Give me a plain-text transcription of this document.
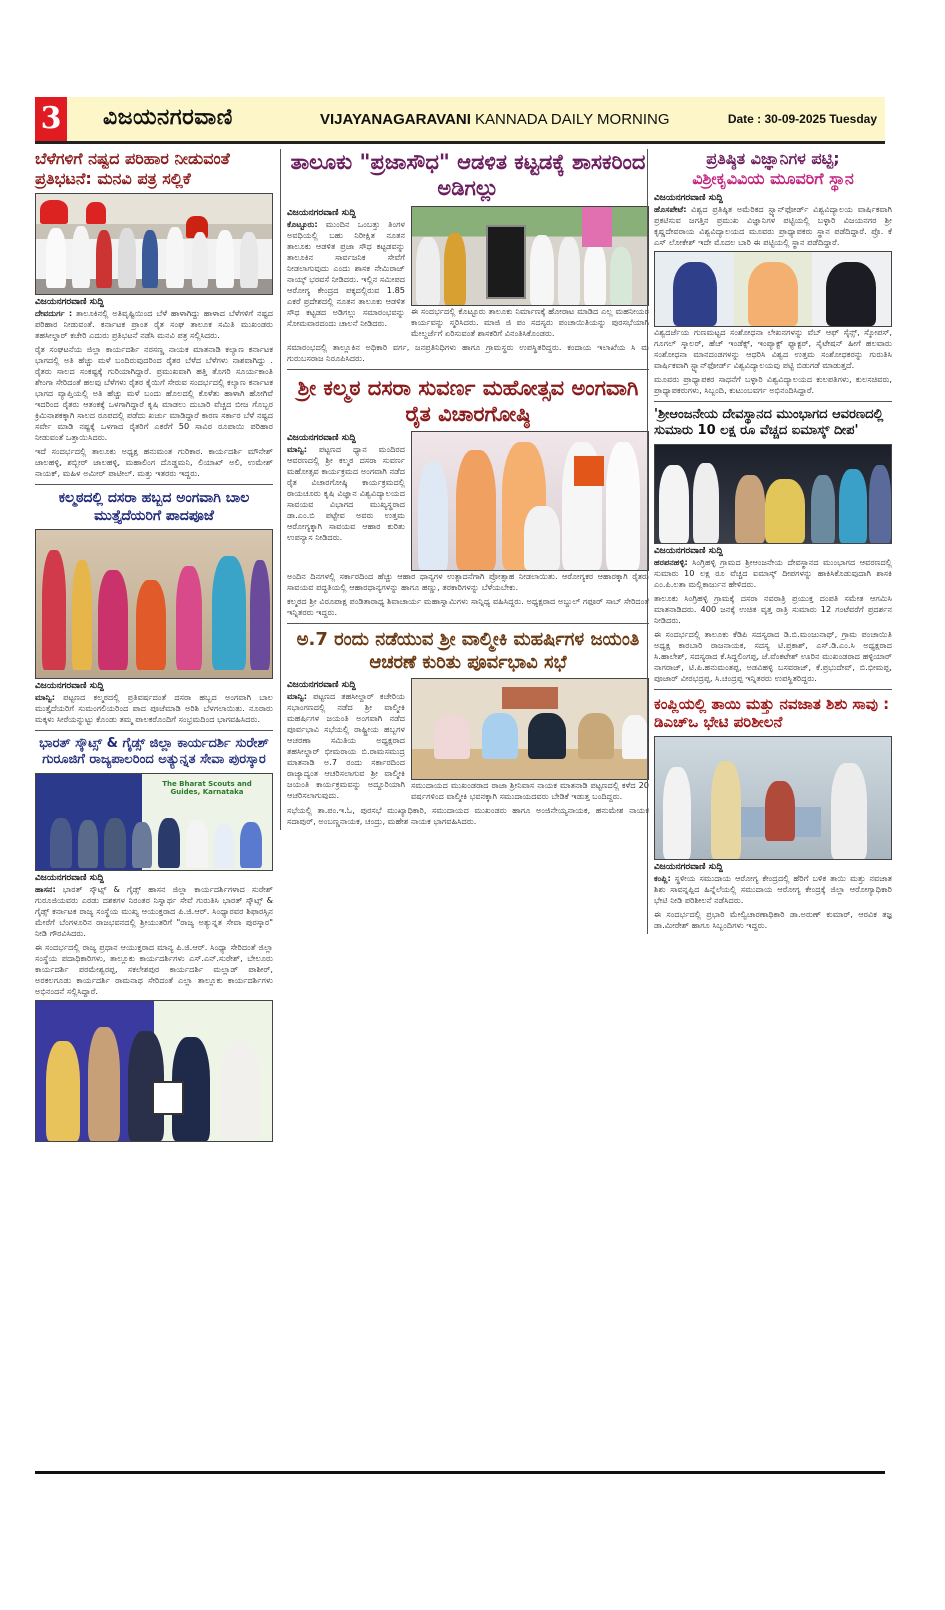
3 ವಿಜಯನಗರವಾಣಿ	VIJAYANAGARAVANI KANNADA DAILY MORNING	Date : 30-09-2025 Tuesday
ಬೆಳೆಗಳಿಗೆ ನಷ್ಟದ ಪರಿಹಾರ ನೀಡುವಂತೆ ಪ್ರತಿಭಟನೆ: ಮನವಿ ಪತ್ರ ಸಲ್ಲಿಕೆ
ವಿಜಯನಗರವಾಣಿ ಸುದ್ದಿ

ದೇವದುರ್ಗ : ತಾಲೂಕಿನಲ್ಲಿ ಅತಿವೃಷ್ಟಿಯಿಂದ ಬೆಳೆ ಹಾಳಾಗಿದ್ದು ಹಾಳಾದ ಬೆಳೆಗಳಿಗೆ ನಷ್ಟದ ಪರಿಹಾರ ನೀಡುವಂತೆ. ಕರ್ನಾಟಕ ಪ್ರಾಂತ ರೈತ ಸಂಘ ತಾಲೂಕ ಸಮಿತಿ ಮುಖಂಡರು ತಹಸೀಲ್ದಾರ್ ಕಚೇರಿ ಎದುರು ಪ್ರತಿಭಟನೆ ನಡೆಸಿ ಮನವಿ ಪತ್ರ ಸಲ್ಲಿಸಿದರು.

ರೈತ ಸಂಘಟನೆಯ ಜಿಲ್ಲಾ ಕಾರ್ಯದರ್ಶಿ ನರಸಣ್ಣ ನಾಯಕ ಮಾತನಾಡಿ ಕಲ್ಯಾಣ ಕರ್ನಾಟಕ ಭಾಗದಲ್ಲಿ ಅತಿ ಹೆಚ್ಚು ಮಳೆ ಬಂದಿರುವುದರಿಂದ ರೈತರ ಬೆಳೆದ ಬೆಳೆಗಳು ನಾಶವಾಗಿದ್ದು . ರೈತರು ಸಾಲದ ಸಂಕಷ್ಟಕ್ಕೆ ಗುರಿಯಾಗಿದ್ದಾರೆ. ಪ್ರಮುಖವಾಗಿ ಹತ್ತಿ ತೊಗರಿ ಸೂರ್ಯಕಾಂತಿ ಶೇಂಗಾ ಸೇರಿದಂತೆ ಹಲವು ಬೆಳೆಗಳು ರೈತರ ಕೈಯಿಗೆ ಸೇರುವ ಸಂದರ್ಭದಲ್ಲಿ ಕಲ್ಯಾಣ ಕರ್ನಾಟಕ ಭಾಗದ ವ್ಯಾಪ್ತಿಯಲ್ಲಿ ಅತಿ ಹೆಚ್ಚು ಮಳೆ ಬಂದು ಹೊಲದಲ್ಲಿ ಕೊಳೆತು ಹಾಳಾಗಿ ಹೋಗಿವೆ ಇದರಿಂದ ರೈತರು ಆತಂಕಕ್ಕೆ ಒಳಗಾಗಿದ್ದಾರೆ ಕೃಷಿ ಮಾಡಲು ದುಬಾರಿ ವೆಚ್ಚದ ಬೀಜ ಗೊಬ್ಬರ ಕ್ರಿಮಿನಾಶಕಕ್ಕಾಗಿ ಸಾಲದ ರೂಪದಲ್ಲಿ ಪಡೆದು ಖರ್ಚು ಮಾಡಿದ್ದಾರೆ ಕಾರಣ ಸರ್ಕಾರ ಬೆಳೆ ನಷ್ಟದ ಸರ್ವೇ ಮಾಡಿ ನಷ್ಟಕ್ಕೆ ಒಳಗಾದ ರೈತರಿಗೆ ಎಕರೆಗೆ 50 ಸಾವಿರ ರೂಪಾಯಿ ಪರಿಹಾರ ನೀಡುವಂತೆ ಒತ್ತಾಯಿಸಿದರು.

ಇದೆ ಸಂದರ್ಭದಲ್ಲಿ ತಾಲೂಕು ಅಧ್ಯಕ್ಷ ಹನುಮಂತ ಗುರಿಕಾರ. ಕಾರ್ಯದರ್ಶಿ ಮೌನೇಶ್ ಜಾಲಹಳ್ಳಿ, ಶಬ್ಬೀರ್ ಜಾಲಹಳ್ಳಿ, ಮಹಾಲಿಂಗ ದೊಡ್ಡಮನಿ, ಲಿಯಾಖ್ ಅಲಿ, ಉಮೇಶ್ ನಾಯಕ್, ಮಹಿಳ ಅಮೀರ್ ಪಾಟೀಲ್. ಮತ್ತು ಇತರರು ಇದ್ದರು.

ಕಲ್ಮಠದಲ್ಲಿ ದಸರಾ ಹಬ್ಬದ ಅಂಗವಾಗಿ ಬಾಲ ಮುತ್ತೈದೆಯರಿಗೆ ಪಾದಪೂಜೆ
ವಿಜಯನಗರವಾಣಿ ಸುದ್ದಿ

ಮಾನ್ವಿ: ಪಟ್ಟಣದ ಕಲ್ಮಠದಲ್ಲಿ ಪ್ರತಿವರ್ಷದಂತೆ ದಸರಾ ಹಬ್ಬದ ಅಂಗವಾಗಿ ಬಾಲ ಮುತ್ತೈದೆಯರಿಗೆ ಸುಮಂಗಲಿಯರಿಂದ ಪಾದ ಪೂಜೆಮಾಡಿ ಅರಿಶಿ ಬೆಳಗಲಾಯಿತು. ನೂರಾರು ಮಕ್ಕಳು ಸೀರೆಯನ್ನುಟ್ಟು ಕೊಂಡು ತಮ್ಮ ಪಾಲಕರೊಂದಿಗೆ ಸಂಭ್ರಮದಿಂದ ಭಾಗವಹಿಸಿದರು.

ಭಾರತ್ ಸ್ಕೌಟ್ಸ್ & ಗೈಡ್ಸ್ ಜಿಲ್ಲಾ ಕಾರ್ಯದರ್ಶಿ ಸುರೇಶ್ ಗುರೂಜಿಗೆ ರಾಜ್ಯಪಾಲರಿಂದ ಅತ್ಯುನ್ನತ ಸೇವಾ ಪುರಸ್ಕಾರ
The Bharat Scouts and Guides, Karnataka
ವಿಜಯನಗರವಾಣಿ ಸುದ್ದಿ

ಹಾಸನ: ಭಾರತ್ ಸ್ಕೌಟ್ಸ್ & ಗೈಡ್ಸ್ ಹಾಸನ ಜಿಲ್ಲಾ ಕಾರ್ಯದರ್ಶಿಗಳಾದ ಸುರೇಶ್ ಗುರೂಜಿಯವರು ಎರಡು ದಶಕಗಳ ನಿರಂತರ ನಿಸ್ವಾರ್ಥ ಸೇವೆ ಗುರುತಿಸಿ ಭಾರತ್ ಸ್ಕೌಟ್ಸ್ & ಗೈಡ್ಸ್ ಕರ್ನಾಟಕ ರಾಜ್ಯ ಸಂಸ್ಥೆಯ ಮುಖ್ಯ ಆಯುಕ್ತರಾದ ಪಿ.ಜಿ.ಆರ್. ಸಿಂಧ್ಯಾರವರ ಶಿಫಾರಸ್ಸಿನ ಮೇರೆಗೆ ಬೆಂಗಳೂರಿನ ರಾಜಭವನದಲ್ಲಿ ಶ್ರೀಯುತರಿಗೆ "ರಾಜ್ಯ ಅತ್ಯುನ್ನತ ಸೇವಾ ಪುರಸ್ಕಾರ" ನೀಡಿ ಗೌರವಿಸಿದರು.

ಈ ಸಂದರ್ಭದಲ್ಲಿ ರಾಜ್ಯ ಪ್ರಧಾನ ಆಯುಕ್ತರಾದ ಮಾನ್ಯ ಪಿ.ಜಿ.ಆರ್. ಸಿಂಧ್ಯಾ ಸೇರಿದಂತೆ ಜಿಲ್ಲಾ ಸಂಸ್ಥೆಯ ಪದಾಧಿಕಾರಿಗಳು, ತಾಲ್ಲೂಕು ಕಾರ್ಯದರ್ಶಿಗಳು ಎಸ್.ಎನ್.ಸುರೇಶ್, ಬೇಲೂರು ಕಾರ್ಯದರ್ಶಿ ಪರಮೇಶ್ವರಪ್ಪ, ಸಕಲೇಶಪುರ ಕಾರ್ಯದರ್ಶಿ ಮಲ್ಲಾಡ್ ಪಾಶೀರ್, ಅರಕಲಗೂಡು ಕಾರ್ಯದರ್ಶಿ ರಾಮನಾಥ ಸೇರಿದಂತೆ ಎಲ್ಲಾ ತಾಲ್ಲೂಕು ಕಾರ್ಯದರ್ಶಿಗಳು ಅಭಿನಂದನೆ ಸಲ್ಲಿಸಿದ್ದಾರೆ.

ತಾಲೂಕು "ಪ್ರಜಾಸೌಧ" ಆಡಳಿತ ಕಟ್ಟಡಕ್ಕೆ ಶಾಸಕರಿಂದ ಅಡಿಗಲ್ಲು
ವಿಜಯನಗರವಾಣಿ ಸುದ್ದಿ

ಕೊಟ್ಟೂರು: ಮುಂದಿನ ಒಂಬತ್ತು ತಿಂಗಳ ಅವಧಿಯಲ್ಲಿ ಬಹು ನಿರೀಕ್ಷಿತ ನೂತನ ತಾಲೂಕು ಆಡಳಿತ ಪ್ರಜಾ ಸೌಧ ಕಟ್ಟಡವನ್ನು ತಾಲೂಕಿನ ಸಾರ್ವಜನಿಕ ಸೇವೆಗೆ ನೀಡಲಾಗುವುದು ಎಂದು ಶಾಸಕ ನೇಮಿರಾಜ್ ನಾಯ್ಕ್ ಭರವಸೆ ನೀಡಿದರು. ಇಲ್ಲಿನ ಸಮೀಪದ ಆರೋಗ್ಯ ಕೇಂದ್ರದ ಪಕ್ಕದಲ್ಲಿರುವ 1.85 ಎಕರೆ ಪ್ರದೇಶದಲ್ಲಿ ನೂತನ ತಾಲೂಕು ಆಡಳಿತ ಸೌಧ ಕಟ್ಟಡದ ಅಡಿಗಲ್ಲು ಸಮಾರಂಭವನ್ನು ಸೋಮವಾರದಂದು ಚಾಲನೆ ನೀಡಿದರು.

ಈ ಸಂದರ್ಭದಲ್ಲಿ ಕೊಟ್ಟೂರು ತಾಲೂಕು ನಿರ್ಮಾಣಕ್ಕೆ ಹೋರಾಟ ಮಾಡಿದ ಎಲ್ಲ ಮಹನೀಯರ ಕಾರ್ಯವನ್ನು ಸ್ಮರಿಸಿದರು. ಮಾಜಿ ಜಿ ಪಂ ಸದಸ್ಯರು ಪಂಚಾಯಿತಿಯನ್ನು ಪುರಸಭೆಯಾಗಿ ಮೇಲ್ದರ್ಜೆಗೆ ಏರಿಸುವಂತೆ ಶಾಸಕರಿಗೆ ವಿನಂತಿಸಿಕೊಂಡರು.

ಸಮಾರಂಭದಲ್ಲಿ ತಾಲ್ಲೂಕಿನ ಅಧಿಕಾರಿ ವರ್ಗ, ಜನಪ್ರತಿನಿಧಿಗಳು ಹಾಗೂ ಗ್ರಾಮಸ್ಥರು ಉಪಸ್ಥಿತರಿದ್ದರು. ಕಂದಾಯ ಇಲಾಖೆಯ ಸಿ ಮ ಗುರುಬಸರಾಜ ನಿರೂಪಿಸಿದರು.

ಶ್ರೀ ಕಲ್ಮಠ ದಸರಾ ಸುವರ್ಣ ಮಹೋತ್ಸವ ಅಂಗವಾಗಿ ರೈತ ವಿಚಾರಗೋಷ್ಠಿ
ವಿಜಯನಗರವಾಣಿ ಸುದ್ದಿ

ಮಾನ್ವಿ: ಪಟ್ಟಣದ ಧ್ಯಾನ ಮಂದಿರದ ಆವರಣದಲ್ಲಿ ಶ್ರೀ ಕಲ್ಮಠ ದಸರಾ ಸುವರ್ಣ ಮಹೋತ್ಸವ ಕಾರ್ಯಕ್ರಮದ ಅಂಗವಾಗಿ ನಡೆದ ರೈತ ವಿಚಾರಗೋಷ್ಠಿ ಕಾರ್ಯಕ್ರಮದಲ್ಲಿ ರಾಯಚೂರು ಕೃಷಿ ವಿಜ್ಞಾನ ವಿಶ್ವವಿದ್ಯಾಲಯದ ಸಾವಯವ ವಿಭಾಗದ ಮುಖ್ಯಸ್ಥರಾದ ಡಾ.ಎಂ.ಬಿ ಪಟ್ಟೇವ ಅವರು ಉತ್ತಮ ಆರೋಗ್ಯಕ್ಕಾಗಿ ಸಾವಯವ ಆಹಾರ ಕುರಿತು ಉಪನ್ಯಾಸ ನೀಡಿದರು.

ಅಂದಿನ ದಿನಗಳಲ್ಲಿ ಸರ್ಕಾರದಿಂದ ಹೆಚ್ಚು ಆಹಾರ ಧಾನ್ಯಗಳ ಉತ್ಪಾದನೆಗಾಗಿ ಪ್ರೋತ್ಸಾಹ ನೀಡಲಾಯಿತು. ಆರೋಗ್ಯಕರ ಆಹಾರಕ್ಕಾಗಿ ರೈತರು ಸಾವಯವ ಪದ್ಧತಿಯಲ್ಲಿ ಆಹಾರಧಾನ್ಯಗಳನ್ನು ಹಾಗೂ ಹಣ್ಣು, ತರಕಾರಿಗಳನ್ನು ಬೆಳೆಯಬೇಕು.

ಕಲ್ಮಠದ ಶ್ರೀ ವಿರೂಪಾಕ್ಷ ಪಂಡಿತಾರಾಧ್ಯ ಶಿವಾಚಾರ್ಯ ಮಹಾಸ್ವಾಮಿಗಳು ಸಾನ್ನಿಧ್ಯ ವಹಿಸಿದ್ದರು. ಅಧ್ಯಕ್ಷರಾದ ಅಬ್ದುಲ್ ಗಫೂರ್ ಸಾಬ್ ಸೇರಿದಂತೆ ಇನ್ನಿತರರು ಇದ್ದರು.

ಅ.7 ರಂದು ನಡೆಯುವ ಶ್ರೀ ವಾಲ್ಮೀಕಿ ಮಹರ್ಷಿಗಳ ಜಯಂತಿ ಆಚರಣೆ ಕುರಿತು ಪೂರ್ವಭಾವಿ ಸಭೆ
ವಿಜಯನಗರವಾಣಿ ಸುದ್ದಿ

ಮಾನ್ವಿ: ಪಟ್ಟಣದ ತಹಸೀಲ್ದಾರ್ ಕಚೇರಿಯ ಸಭಾಂಗಣದಲ್ಲಿ ನಡೆದ ಶ್ರೀ ವಾಲ್ಮೀಕಿ ಮಹರ್ಷಿಗಳ ಜಯಂತಿ ಅಂಗವಾಗಿ ನಡೆದ ಪೂರ್ವಭಾವಿ ಸಭೆಯಲ್ಲಿ ರಾಷ್ಟ್ರೀಯ ಹಬ್ಬಗಳ ಆಚರಣಾ ಸಮಿತಿಯ ಅಧ್ಯಕ್ಷರಾದ ತಹಸೀಲ್ದಾರ್ ಭೀಮರಾಯ ಬಿ.ರಾಮಸಮುದ್ರ ಮಾತನಾಡಿ ಅ.7 ರಂದು ಸರ್ಕಾರದಿಂದ ರಾಜ್ಯಾದ್ಯಂತ ಆಚರಿಸಲಾಗುವ ಶ್ರೀ ವಾಲ್ಮೀಕಿ ಜಯಂತಿ ಕಾರ್ಯಕ್ರಮವನ್ನು ಅದ್ದೂರಿಯಾಗಿ ಆಚರಿಸಲಾಗುವುದು.

ಸಮುದಾಯದ ಮುಖಂಡರಾದ ರಾಜಾ ಶ್ರೀನಿವಾಸ ನಾಯಕ ಮಾತನಾಡಿ ಪಟ್ಟಣದಲ್ಲಿ ಕಳೆದ 20 ವರ್ಷಗಳಿಂದ ವಾಲ್ಮೀಕಿ ಭವನಕ್ಕಾಗಿ ಸಮುದಾಯದವರು ಬೇಡಿಕೆ ಇಡುತ್ತ ಬಂದಿದ್ದರು.

ಸಭೆಯಲ್ಲಿ ತಾ.ಪಂ.ಇ.ಓ, ಪುರಸಭೆ ಮುಖ್ಯಾಧಿಕಾರಿ, ಸಮುದಾಯದ ಮುಖಂಡರು ಹಾಗೂ ಅಂಜಿನೇಯ್ಯನಾಯಕ, ಹನುಮೇಶ ನಾಯಕ ಸದಾಪುರ್, ಅಂಬಣ್ಣನಾಯಕ, ಚಂದ್ರು, ಮಹೇಶ ನಾಯಕ ಭಾಗವಹಿಸಿದರು.

ಪ್ರತಿಷ್ಠಿತ ವಿಜ್ಞಾನಿಗಳ ಪಟ್ಟಿ;
ವಿಶ್ರೀಕೃವಿವಿಯ ಮೂವರಿಗೆ ಸ್ಥಾನ
ವಿಜಯನಗರವಾಣಿ ಸುದ್ದಿ

ಹೊಸಪೇಟೆ: ವಿಶ್ವದ ಪ್ರತಿಷ್ಠಿತ ಅಮೆರಿಕದ ಸ್ಟ್ಯಾನ್‌ಫೋರ್ಡ್ ವಿಶ್ವವಿದ್ಯಾಲಯ ವಾರ್ಷಿಕವಾಗಿ ಪ್ರಕಟಿಸುವ ಜಗತ್ತಿನ ಪ್ರಮುಖ ವಿಜ್ಞಾನಿಗಳ ಪಟ್ಟಿಯಲ್ಲಿ ಬಳ್ಳಾರಿ ವಿಜಯನಗರ ಶ್ರೀ ಕೃಷ್ಣದೇವರಾಯ ವಿಶ್ವವಿದ್ಯಾಲಯದ ಮೂವರು ಪ್ರಾಧ್ಯಾಪಕರು ಸ್ಥಾನ ಪಡೆದಿದ್ದಾರೆ. ಪ್ರೊ. ಕೆ ಎಸ್ ಲೋಕೇಶ್ ಇದೇ ಮೊದಲ ಬಾರಿ ಈ ಪಟ್ಟಿಯಲ್ಲಿ ಸ್ಥಾನ ಪಡೆದಿದ್ದಾರೆ.

ವಿಶ್ವದರ್ಜೆಯ ಗುಣಮಟ್ಟದ ಸಂಶೋಧನಾ ಲೇಖನಗಳನ್ನು ವೆಬ್ ಆಫ್ ಸೈನ್ಸ್, ಸ್ಕೋಪಸ್, ಗೂಗಲ್ ಸ್ಕಾಲರ್, ಹೆಚ್ ಇಂಡೆಕ್ಸ್, ಇಂಪ್ಯಾಕ್ಟ್ ಫ್ಯಾಕ್ಟರ್, ಸೈಟೇಷನ್ ಹೀಗೆ ಹಲವಾರು ಸಂಶೋಧನಾ ಮಾನದಂಡಗಳನ್ನು ಆಧರಿಸಿ ವಿಶ್ವದ ಉತ್ತಮ ಸಂಶೋಧಕರನ್ನು ಗುರುತಿಸಿ ವಾರ್ಷಿಕವಾಗಿ ಸ್ಟ್ಯಾನ್‌ಫೋರ್ಡ್ ವಿಶ್ವವಿದ್ಯಾಲಯವು ಪಟ್ಟಿ ಬಿಡುಗಡೆ ಮಾಡುತ್ತದೆ.

ಮೂವರು ಪ್ರಾಧ್ಯಾಪಕರ ಸಾಧನೆಗೆ ಬಳ್ಳಾರಿ ವಿಶ್ವವಿದ್ಯಾಲಯದ ಕುಲಪತಿಗಳು, ಕುಲಸಚಿವರು, ಪ್ರಾಧ್ಯಾಪಕರುಗಳು, ಸಿಬ್ಬಂದಿ, ಕುಟುಂಬವರ್ಗ ಅಭಿನಂದಿಸಿದ್ದಾರೆ.

'ಶ್ರೀಆಂಜನೇಯ ದೇವಸ್ಥಾನದ ಮುಂಭಾಗದ ಆವರಣದಲ್ಲಿ ಸುಮಾರು 10 ಲಕ್ಷ ರೂ ವೆಚ್ಚದ ಐಮಾಸ್ಕ್ ದೀಪ'
ವಿಜಯನಗರವಾಣಿ ಸುದ್ದಿ

ಹರಪನಹಳ್ಳಿ: ಸಿಂಗ್ರಿಹಳ್ಳಿ ಗ್ರಾಮದ ಶ್ರೀಆಂಜನೇಯ ದೇವಸ್ಥಾನದ ಮುಂಭಾಗದ ಆವರಣದಲ್ಲಿ ಸುಮಾರು 10 ಲಕ್ಷ ರೂ ವೆಚ್ಚದ ಐಮಾಸ್ಕ್ ದೀಪಗಳನ್ನು ಹಾಕಿಸಿಕೊಡುವುದಾಗಿ ಶಾಸಕಿ ಎಂ.ಪಿ.ಲತಾ ಮಲ್ಲಿಕಾರ್ಜುನ ಹೇಳಿದರು.

ತಾಲೂಕು ಸಿಂಗ್ರಿಹಳ್ಳಿ ಗ್ರಾಮಕ್ಕೆ ದಸರಾ ನವರಾತ್ರಿ ಪ್ರಯುಕ್ತ ದಂಪತಿ ಸಮೇತ ಆಗಮಿಸಿ ಮಾತನಾಡಿದರು. 400 ಜನಕ್ಕೆ ಉಚಿತ ವೃತ್ತ ರಾತ್ರಿ ಸುಮಾರು 12 ಗಂಟೆವರೆಗೆ ಪ್ರದರ್ಶನ ನೀಡಿದರು.

ಈ ಸಂದರ್ಭದಲ್ಲಿ ತಾಲೂಕು ಕೆಡಿಪಿ ಸದಸ್ಯರಾದ ಡಿ.ಬಿ.ಮಂಜುನಾಥ್, ಗ್ರಾಮ ಪಂಚಾಯಿತಿ ಅಧ್ಯಕ್ಷ ಕಾರಬಾರಿ ರಾಜನಾಯಕ, ಸದಸ್ಯ ಟಿ.ಪ್ರಕಾಶ್, ಎಸ್.ಡಿ.ಎಂ.ಸಿ ಅಧ್ಯಕ್ಷರಾದ ಸಿ.ಹಾಲೇಶ್, ಸದಸ್ಯರಾದ ಕೆ.ಸಿದ್ದಲಿಂಗಪ್ಪ, ಜೆ.ವೆಂಕಟೇಶ್ ಊರಿನ ಮುಖಂಡರಾದ ಹಳ್ಳಿಯಾರ್ ನಾಗರಾಜ್, ಟಿ.ಪಿ.ಹನುಮಂತಪ್ಪ, ಅಡವಿಹಳ್ಳಿ ಬಸವರಾಜ್, ಕೆ.ಪ್ರಭುದೇವ್, ಬಿ.ಭೀಮಪ್ಪ, ಪೂಜಾರ್ ವೀರಭದ್ರಪ್ಪ, ಸಿ.ಚಂದ್ರಪ್ಪ ಇನ್ನಿತರರು ಉಪಸ್ಥಿತರಿದ್ದರು.

ಕಂಪ್ಲಿಯಲ್ಲಿ ತಾಯಿ ಮತ್ತು ನವಜಾತ ಶಿಶು ಸಾವು : ಡಿಎಚ್ಒ ಭೇಟಿ ಪರಿಶೀಲನೆ
ವಿಜಯನಗರವಾಣಿ ಸುದ್ದಿ

ಕಂಪ್ಲಿ: ಸ್ಥಳೀಯ ಸಮುದಾಯ ಆರೋಗ್ಯ ಕೇಂದ್ರದಲ್ಲಿ ಹೆರಿಗೆ ಬಳಿಕ ತಾಯಿ ಮತ್ತು ನವಜಾತ ಶಿಶು ಸಾವನ್ನಪ್ಪಿದ ಹಿನ್ನೆಲೆಯಲ್ಲಿ ಸಮುದಾಯ ಆರೋಗ್ಯ ಕೇಂದ್ರಕ್ಕೆ ಜಿಲ್ಲಾ ಆರೋಗ್ಯಾಧಿಕಾರಿ ಭೇಟಿ ನೀಡಿ ಪರಿಶೀಲನೆ ನಡೆಸಿದರು.

ಈ ಸಂದರ್ಭದಲ್ಲಿ ಪ್ರಭಾರಿ ಮೇಲ್ವಿಚಾರಣಾಧಿಕಾರಿ ಡಾ.ಅರುಣ್ ಕುಮಾರ್, ಆರವಿಕ ತಜ್ಞ ಡಾ.ಮೀರೇಶ್ ಹಾಗೂ ಸಿಬ್ಬಂದಿಗಳು ಇದ್ದರು.
